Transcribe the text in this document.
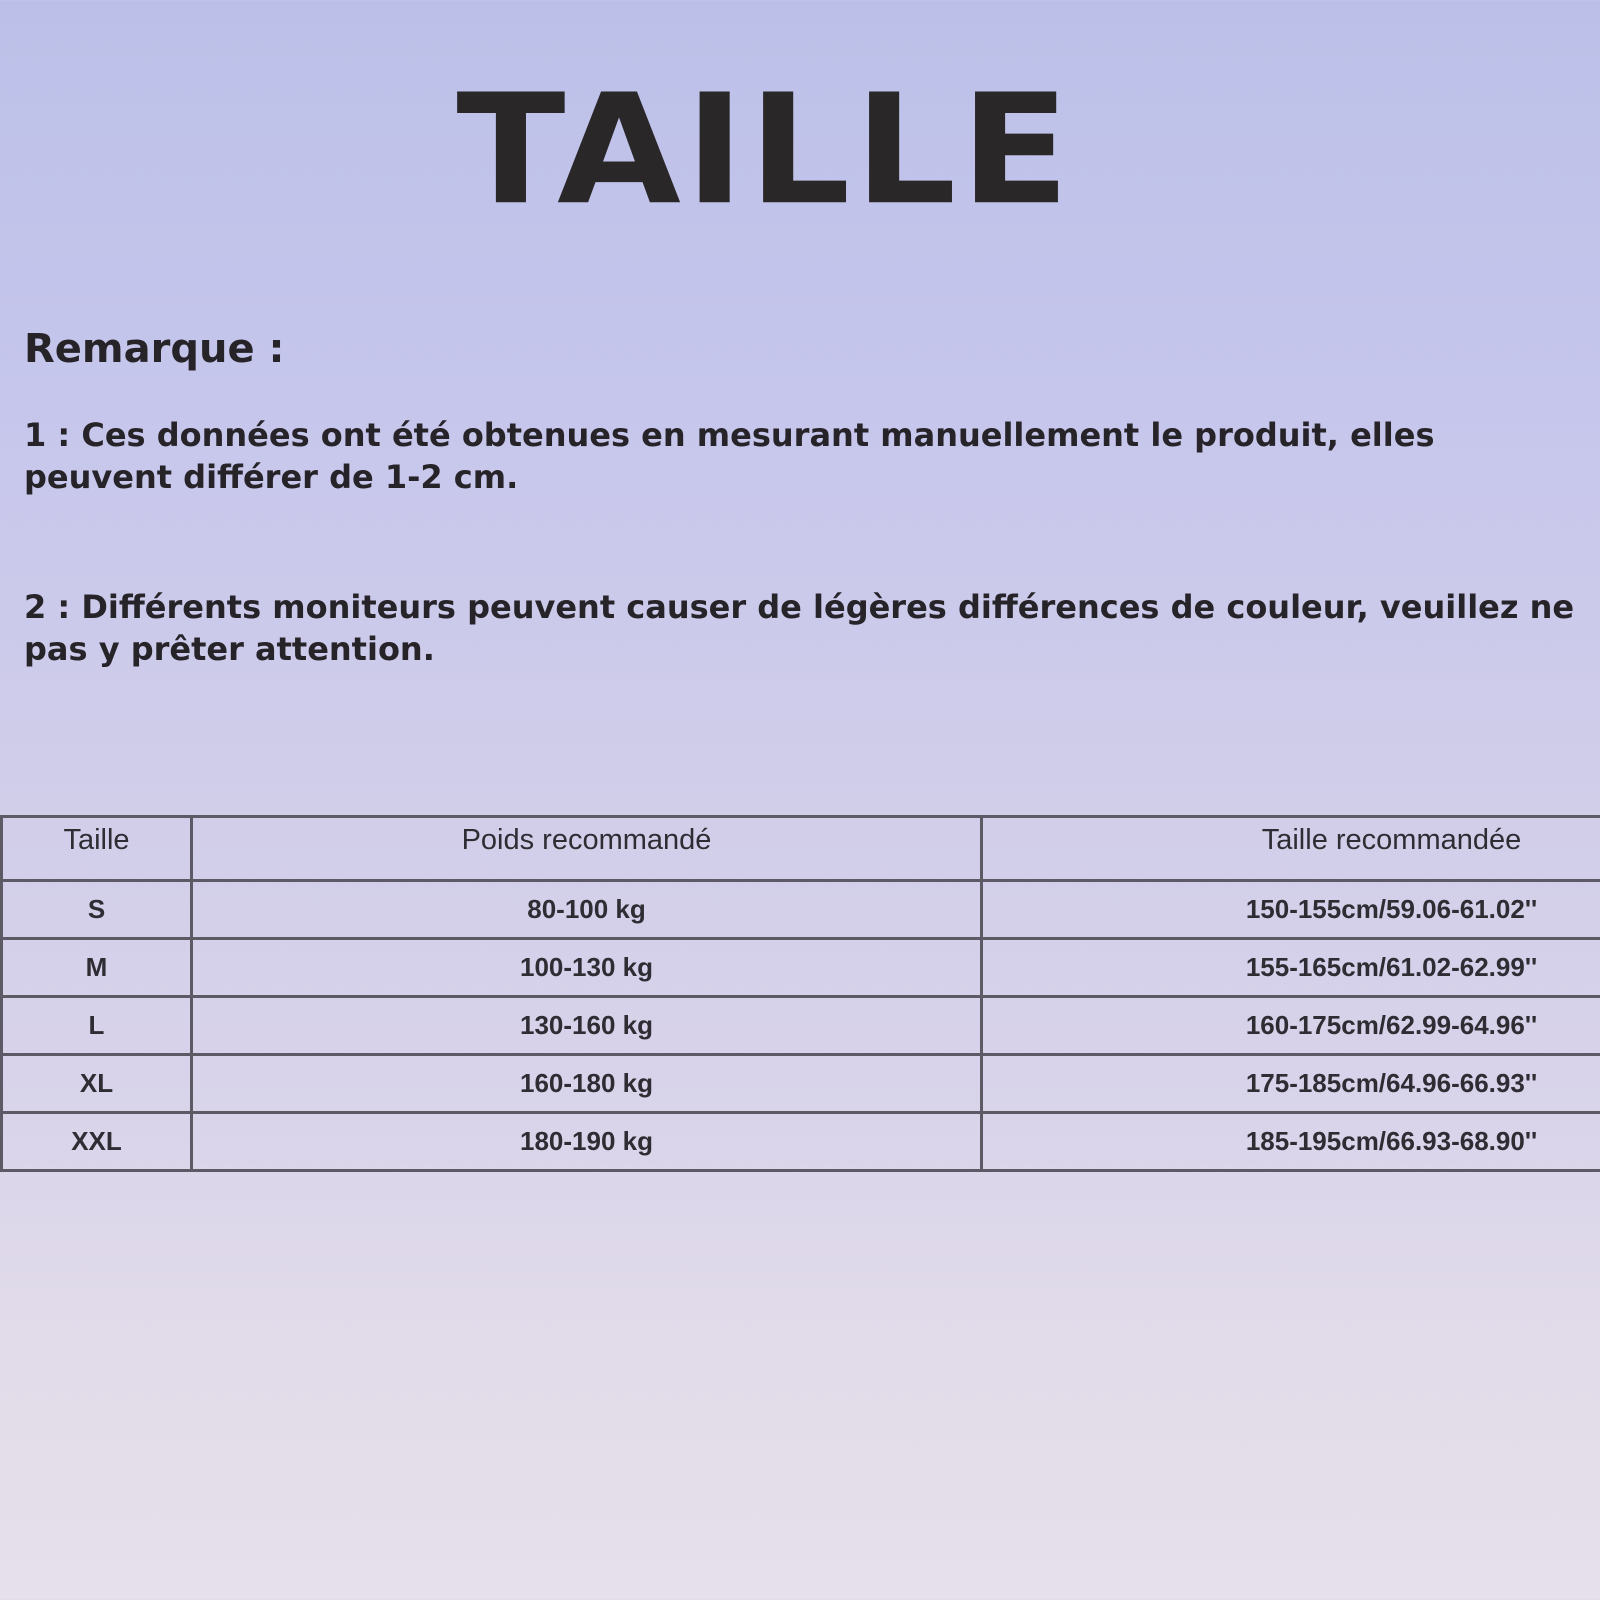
TAILLE
Remarque :
1 : Ces données ont été obtenues en mesurant manuellement le produit, elles peuvent différer de 1-2 cm.
2 : Différents moniteurs peuvent causer de légères différences de couleur, veuillez ne pas y prêter attention.
Taille	Poids recommandé	Taille recommandée
S	80-100 kg	150-155cm/59.06-61.02''
M	100-130 kg	155-165cm/61.02-62.99''
L	130-160 kg	160-175cm/62.99-64.96''
XL	160-180 kg	175-185cm/64.96-66.93''
XXL	180-190 kg	185-195cm/66.93-68.90''
